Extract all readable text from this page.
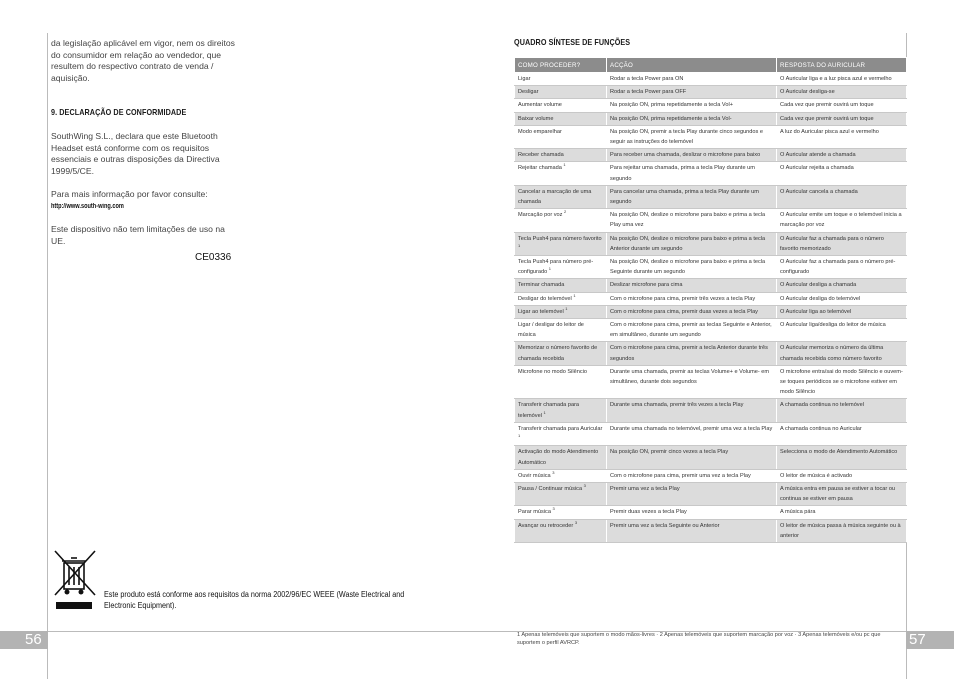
da legislação aplicável em vigor, nem os direitos do consumidor em relação ao vendedor, que resultem do respectivo contrato de venda / aquisição.

9. DECLARAÇÃO DE CONFORMIDADE

SouthWing S.L., declara que este Bluetooth Headset está conforme com os requisitos essenciais e outras disposições da Directiva 1999/5/CE.

Para mais informação por favor consulte:

http://www.south-wing.com

Este dispositivo não tem limitações de uso na UE.

CE0336
Este produto está conforme aos requisitos da norma 2002/96/EC WEEE (Waste Electrical and Electronic Equipment).
56	57
QUADRO SÍNTESE DE FUNÇÕES
COMO PROCEDER?	ACÇÃO	RESPOSTA DO AURICULAR
Ligar	Rodar a tecla Power para ON	O Auricular liga e a luz pisca azul e vermelho
Desligar	Rodar a tecla Power para OFF	O Auricular desliga-se
Aumentar volume	Na posição ON, prima repetidamente a tecla Vol+	Cada vez que premir ouvirá um toque
Baixar volume	Na posição ON, prima repetidamente a tecla Vol-	Cada vez que premir ouvirá um toque
Modo emparelhar	Na posição ON, premir a tecla Play durante cinco segundos e seguir as instruções do telemóvel	A luz do Auricular pisca azul e vermelho
Receber chamada	Para receber uma chamada, deslizar o microfone para baixo	O Auricular atende a chamada
Rejeitar chamada $^1$	Para rejeitar uma chamada, prima a tecla Play durante um segundo	O Auricular rejeita a chamada
Cancelar a marcação de uma chamada	Para cancelar uma chamada, prima a tecla Play durante um segundo	O Auricular cancela a chamada
Marcação por voz $^2$	Na posição ON, deslize o microfone para baixo e prima a tecla Play uma vez	O Auricular emite um toque e o telemóvel inicia a marcação por voz
Tecla Push4 para número favorito $^1$	Na posição ON, deslize o microfone para baixo e prima a tecla Anterior durante um segundo	O Auricular faz a chamada para o número favorito memorizado
Tecla Push4 para número pré-configurado $^1$	Na posição ON, deslize o microfone para baixo e prima a tecla Seguinte durante um segundo	O Auricular faz a chamada para o número pré-configurado
Terminar chamada	Deslizar microfone para cima	O Auricular desliga a chamada
Desligar do telemóvel $^1$	Com o microfone para cima, premir três vezes a tecla Play	O Auricular desliga do telemóvel
Ligar ao telemóvel $^1$	Com o microfone para cima, premir duas vezes a tecla Play	O Auricular liga ao telemóvel
Ligar / desligar do leitor de música	Com o microfone para cima, premir as teclas Seguinte e Anterior, em simultâneo, durante um segundo	O Auricular liga/desliga do leitor de música
Memorizar o número favorito de chamada recebida	Com o microfone para cima, premir a tecla Anterior durante três segundos	O Auricular memoriza o número da última chamada recebida como número favorito
Microfone no modo Silêncio	Durante uma chamada, premir as teclas Volume+ e Volume- em simultâneo, durante dois segundos	O microfone entra/sai do modo Silêncio e ouvem-se toques periódicos se o microfone estiver em modo Silêncio
Transferir chamada para telemóvel $^1$	Durante uma chamada, premir três vezes a tecla Play	A chamada continua no telemóvel
Transferir chamada para Auricular $^1$	Durante uma chamada no telemóvel, premir uma vez a tecla Play	A chamada continua no Auricular
Activação do modo Atendimento Automático	Na posição ON, premir cinco vezes a tecla Play	Selecciona o modo de Atendimento Automático
Ouvir música $^3$	Com o microfone para cima, premir uma vez a tecla Play	O leitor de música é activado
Pausa / Continuar música $^3$	Premir uma vez a tecla Play	A música entra em pausa se estiver a tocar ou continua se estiver em pausa
Parar música $^3$	Premir duas vezes a tecla Play	A música pára
Avançar ou retroceder $^3$	Premir uma vez a tecla Seguinte ou Anterior	O leitor de música passa à música seguinte ou à anterior
1 Apenas telemóveis que suportem o modo mãos-livres · 2 Apenas telemóveis que suportem marcação por voz · 3 Apenas telemóveis e/ou pc que suportem o perfil AVRCP.
